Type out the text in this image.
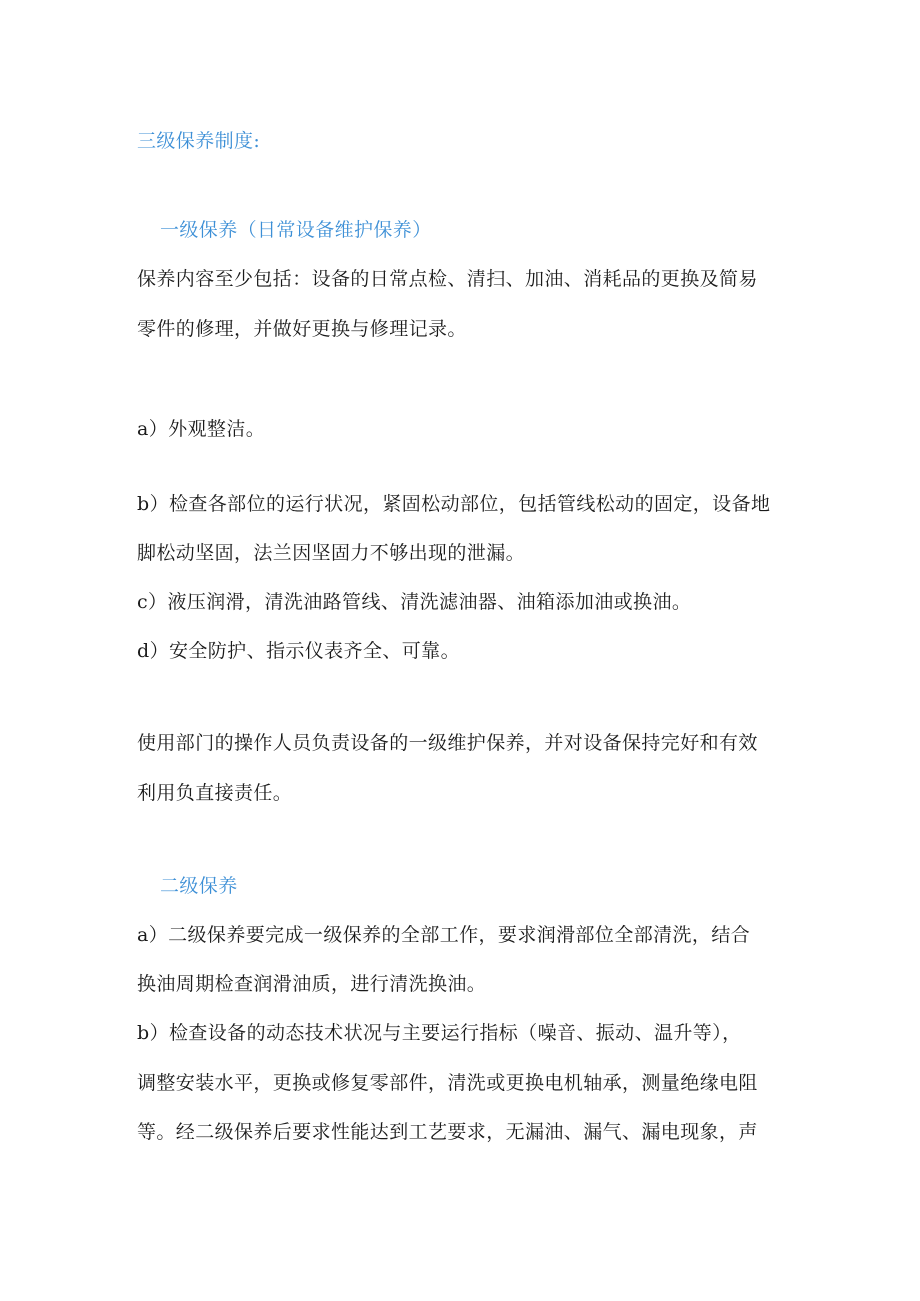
三级保养制度:
一级保养（日常设备维护保养）
保养内容至少包括：设备的日常点检、清扫、加油、消耗品的更换及简易
零件的修理，并做好更换与修理记录。
a）外观整洁。
b）检查各部位的运行状况，紧固松动部位，包括管线松动的固定，设备地
脚松动坚固，法兰因坚固力不够出现的泄漏。
c）液压润滑，清洗油路管线、清洗滤油器、油箱添加油或换油。
d）安全防护、指示仪表齐全、可靠。
使用部门的操作人员负责设备的一级维护保养，并对设备保持完好和有效
利用负直接责任。
二级保养
a）二级保养要完成一级保养的全部工作，要求润滑部位全部清洗，结合
换油周期检查润滑油质，进行清洗换油。
b）检查设备的动态技术状况与主要运行指标（噪音、振动、温升等），
调整安装水平，更换或修复零部件，清洗或更换电机轴承，测量绝缘电阻
等。经二级保养后要求性能达到工艺要求，无漏油、漏气、漏电现象，声
